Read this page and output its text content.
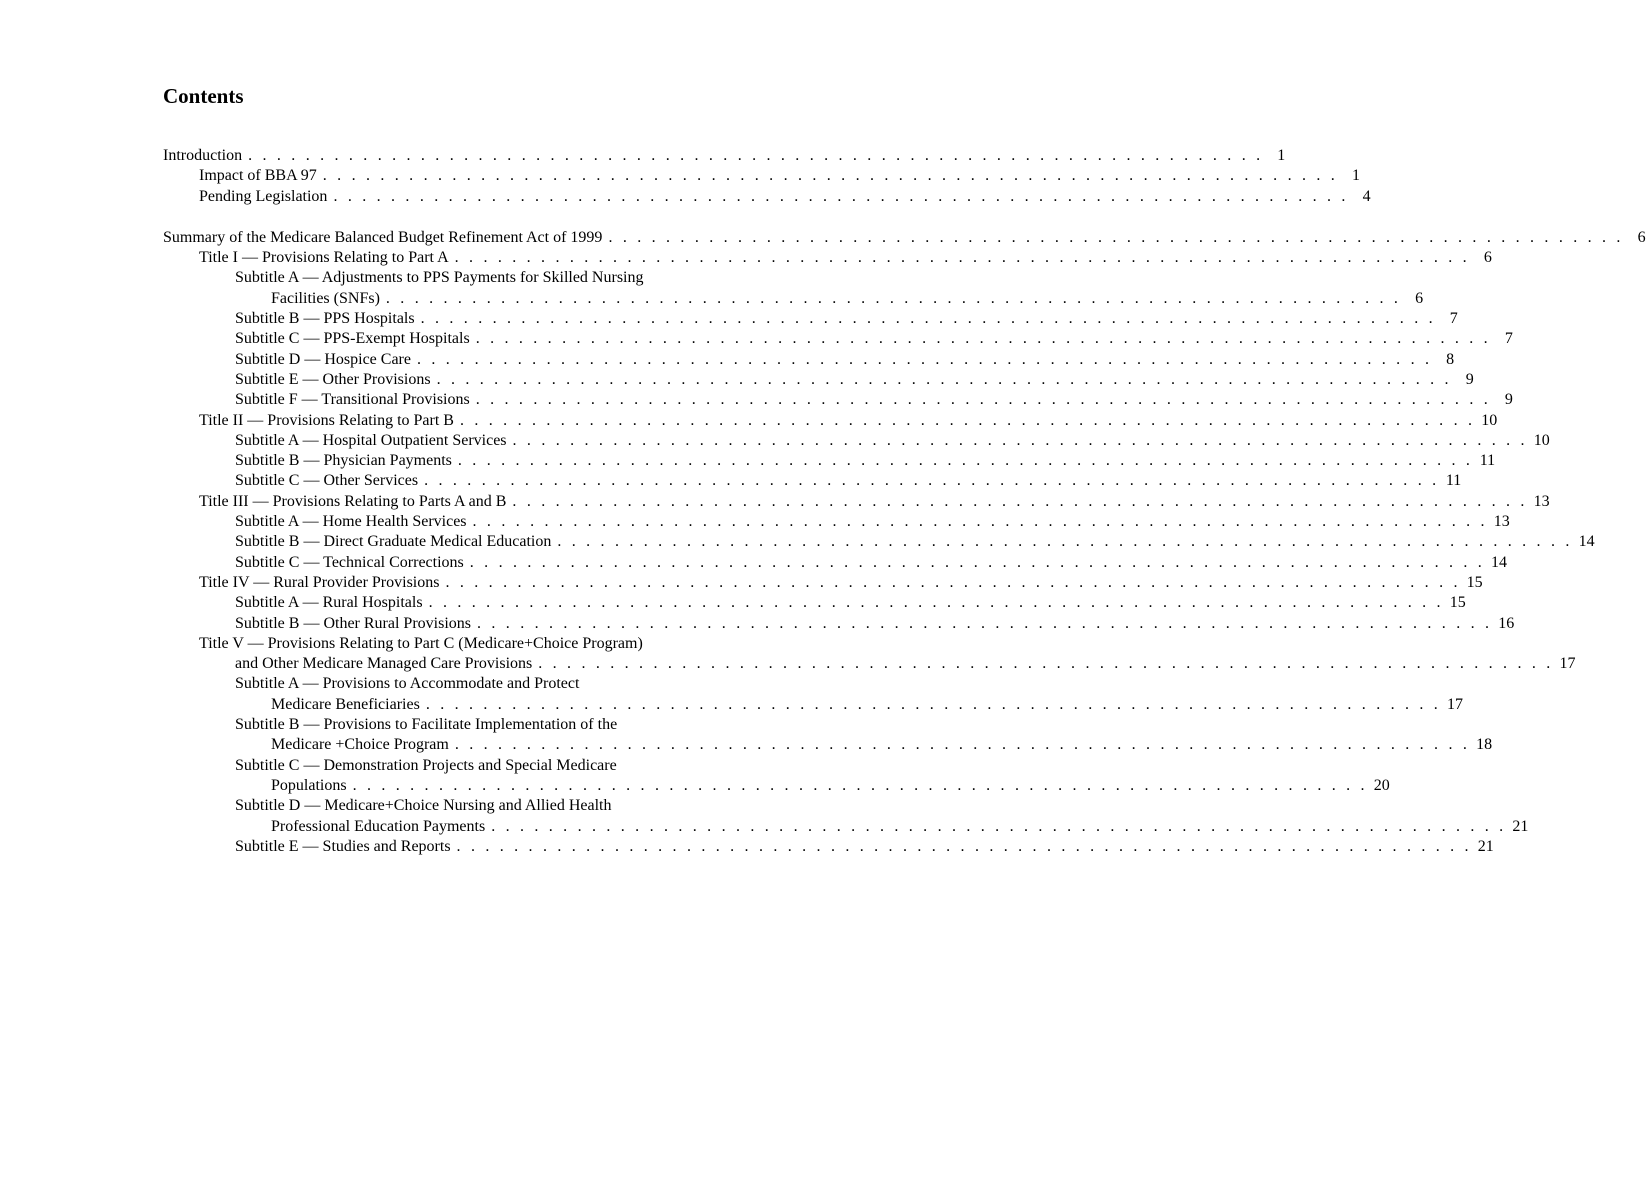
Contents
Introduction . . . . . . . . . . . . . . . . . . . . . . . . . . . . . . . . . . . . . . . . . . . . . . . . . . . . . . . . . . . . . . . . . . . . . . . 1
Impact of BBA 97 . . . . . . . . . . . . . . . . . . . . . . . . . . . . . . . . . . . . . . . . . . . . . . . . . . . . . . . . . . . . . . . . . . . . . . . 1
Pending Legislation . . . . . . . . . . . . . . . . . . . . . . . . . . . . . . . . . . . . . . . . . . . . . . . . . . . . . . . . . . . . . . . . . . . . . . . 4
Summary of the Medicare Balanced Budget Refinement Act of 1999 . . . . . . . . . . . . . . . . . . . . . . . . . . . . . . . . . . . . . . . . . . . . . . . . . . . . . . . . . . . . . . . . . . . . . . . 6
Title I — Provisions Relating to Part A . . . . . . . . . . . . . . . . . . . . . . . . . . . . . . . . . . . . . . . . . . . . . . . . . . . . . . . . . . . . . . . . . . . . . . . 6
Subtitle A — Adjustments to PPS Payments for Skilled Nursing
Facilities (SNFs) . . . . . . . . . . . . . . . . . . . . . . . . . . . . . . . . . . . . . . . . . . . . . . . . . . . . . . . . . . . . . . . . . . . . . . . 6
Subtitle B — PPS Hospitals . . . . . . . . . . . . . . . . . . . . . . . . . . . . . . . . . . . . . . . . . . . . . . . . . . . . . . . . . . . . . . . . . . . . . . . 7
Subtitle C — PPS-Exempt Hospitals . . . . . . . . . . . . . . . . . . . . . . . . . . . . . . . . . . . . . . . . . . . . . . . . . . . . . . . . . . . . . . . . . . . . . . . 7
Subtitle D — Hospice Care . . . . . . . . . . . . . . . . . . . . . . . . . . . . . . . . . . . . . . . . . . . . . . . . . . . . . . . . . . . . . . . . . . . . . . . 8
Subtitle E — Other Provisions . . . . . . . . . . . . . . . . . . . . . . . . . . . . . . . . . . . . . . . . . . . . . . . . . . . . . . . . . . . . . . . . . . . . . . . 9
Subtitle F — Transitional Provisions . . . . . . . . . . . . . . . . . . . . . . . . . . . . . . . . . . . . . . . . . . . . . . . . . . . . . . . . . . . . . . . . . . . . . . . 9
Title II — Provisions Relating to Part B . . . . . . . . . . . . . . . . . . . . . . . . . . . . . . . . . . . . . . . . . . . . . . . . . . . . . . . . . . . . . . . . . . . . . . . 10
Subtitle A — Hospital Outpatient Services . . . . . . . . . . . . . . . . . . . . . . . . . . . . . . . . . . . . . . . . . . . . . . . . . . . . . . . . . . . . . . . . . . . . . . . 10
Subtitle B — Physician Payments . . . . . . . . . . . . . . . . . . . . . . . . . . . . . . . . . . . . . . . . . . . . . . . . . . . . . . . . . . . . . . . . . . . . . . . 11
Subtitle C — Other Services . . . . . . . . . . . . . . . . . . . . . . . . . . . . . . . . . . . . . . . . . . . . . . . . . . . . . . . . . . . . . . . . . . . . . . . 11
Title III — Provisions Relating to Parts A and B . . . . . . . . . . . . . . . . . . . . . . . . . . . . . . . . . . . . . . . . . . . . . . . . . . . . . . . . . . . . . . . . . . . . . . . 13
Subtitle A — Home Health Services . . . . . . . . . . . . . . . . . . . . . . . . . . . . . . . . . . . . . . . . . . . . . . . . . . . . . . . . . . . . . . . . . . . . . . . 13
Subtitle B — Direct Graduate Medical Education . . . . . . . . . . . . . . . . . . . . . . . . . . . . . . . . . . . . . . . . . . . . . . . . . . . . . . . . . . . . . . . . . . . . . . . 14
Subtitle C — Technical Corrections . . . . . . . . . . . . . . . . . . . . . . . . . . . . . . . . . . . . . . . . . . . . . . . . . . . . . . . . . . . . . . . . . . . . . . . 14
Title IV — Rural Provider Provisions . . . . . . . . . . . . . . . . . . . . . . . . . . . . . . . . . . . . . . . . . . . . . . . . . . . . . . . . . . . . . . . . . . . . . . . 15
Subtitle A — Rural Hospitals . . . . . . . . . . . . . . . . . . . . . . . . . . . . . . . . . . . . . . . . . . . . . . . . . . . . . . . . . . . . . . . . . . . . . . . 15
Subtitle B — Other Rural Provisions . . . . . . . . . . . . . . . . . . . . . . . . . . . . . . . . . . . . . . . . . . . . . . . . . . . . . . . . . . . . . . . . . . . . . . . 16
Title V — Provisions Relating to Part C (Medicare+Choice Program)
and Other Medicare Managed Care Provisions . . . . . . . . . . . . . . . . . . . . . . . . . . . . . . . . . . . . . . . . . . . . . . . . . . . . . . . . . . . . . . . . . . . . . . . 17
Subtitle A — Provisions to Accommodate and Protect
Medicare Beneficiaries . . . . . . . . . . . . . . . . . . . . . . . . . . . . . . . . . . . . . . . . . . . . . . . . . . . . . . . . . . . . . . . . . . . . . . . 17
Subtitle B — Provisions to Facilitate Implementation of the
Medicare +Choice Program . . . . . . . . . . . . . . . . . . . . . . . . . . . . . . . . . . . . . . . . . . . . . . . . . . . . . . . . . . . . . . . . . . . . . . . 18
Subtitle C — Demonstration Projects and Special Medicare
Populations . . . . . . . . . . . . . . . . . . . . . . . . . . . . . . . . . . . . . . . . . . . . . . . . . . . . . . . . . . . . . . . . . . . . . . . 20
Subtitle D — Medicare+Choice Nursing and Allied Health
Professional Education Payments . . . . . . . . . . . . . . . . . . . . . . . . . . . . . . . . . . . . . . . . . . . . . . . . . . . . . . . . . . . . . . . . . . . . . . . 21
Subtitle E — Studies and Reports . . . . . . . . . . . . . . . . . . . . . . . . . . . . . . . . . . . . . . . . . . . . . . . . . . . . . . . . . . . . . . . . . . . . . . . 21
